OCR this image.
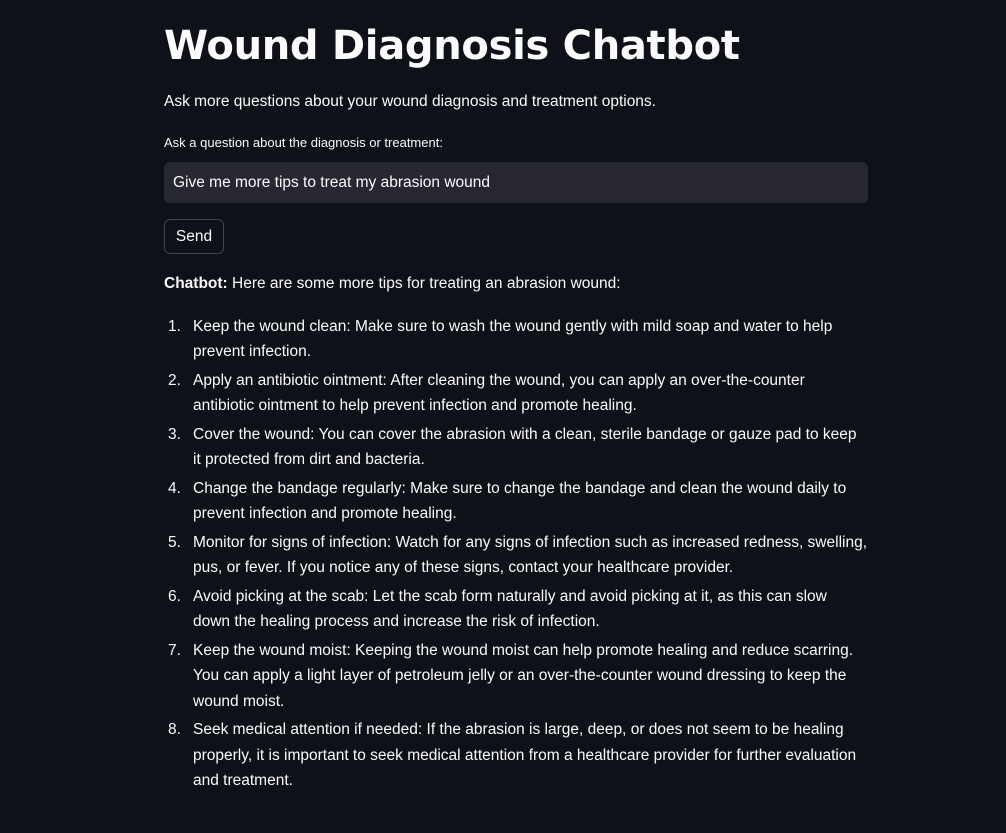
Wound Diagnosis Chatbot

Ask more questions about your wound diagnosis and treatment options.

Ask a question about the diagnosis or treatment:
Give me more tips to treat my abrasion wound
Send

Chatbot: Here are some more tips for treating an abrasion wound:

1. Keep the wound clean: Make sure to wash the wound gently with mild soap and water to help prevent infection.
2. Apply an antibiotic ointment: After cleaning the wound, you can apply an over-the-counter antibiotic ointment to help prevent infection and promote healing.
3. Cover the wound: You can cover the abrasion with a clean, sterile bandage or gauze pad to keep it protected from dirt and bacteria.
4. Change the bandage regularly: Make sure to change the bandage and clean the wound daily to prevent infection and promote healing.
5. Monitor for signs of infection: Watch for any signs of infection such as increased redness, swelling, pus, or fever. If you notice any of these signs, contact your healthcare provider.
6. Avoid picking at the scab: Let the scab form naturally and avoid picking at it, as this can slow down the healing process and increase the risk of infection.
7. Keep the wound moist: Keeping the wound moist can help promote healing and reduce scarring. You can apply a light layer of petroleum jelly or an over-the-counter wound dressing to keep the wound moist.
8. Seek medical attention if needed: If the abrasion is large, deep, or does not seem to be healing properly, it is important to seek medical attention from a healthcare provider for further evaluation and treatment.
